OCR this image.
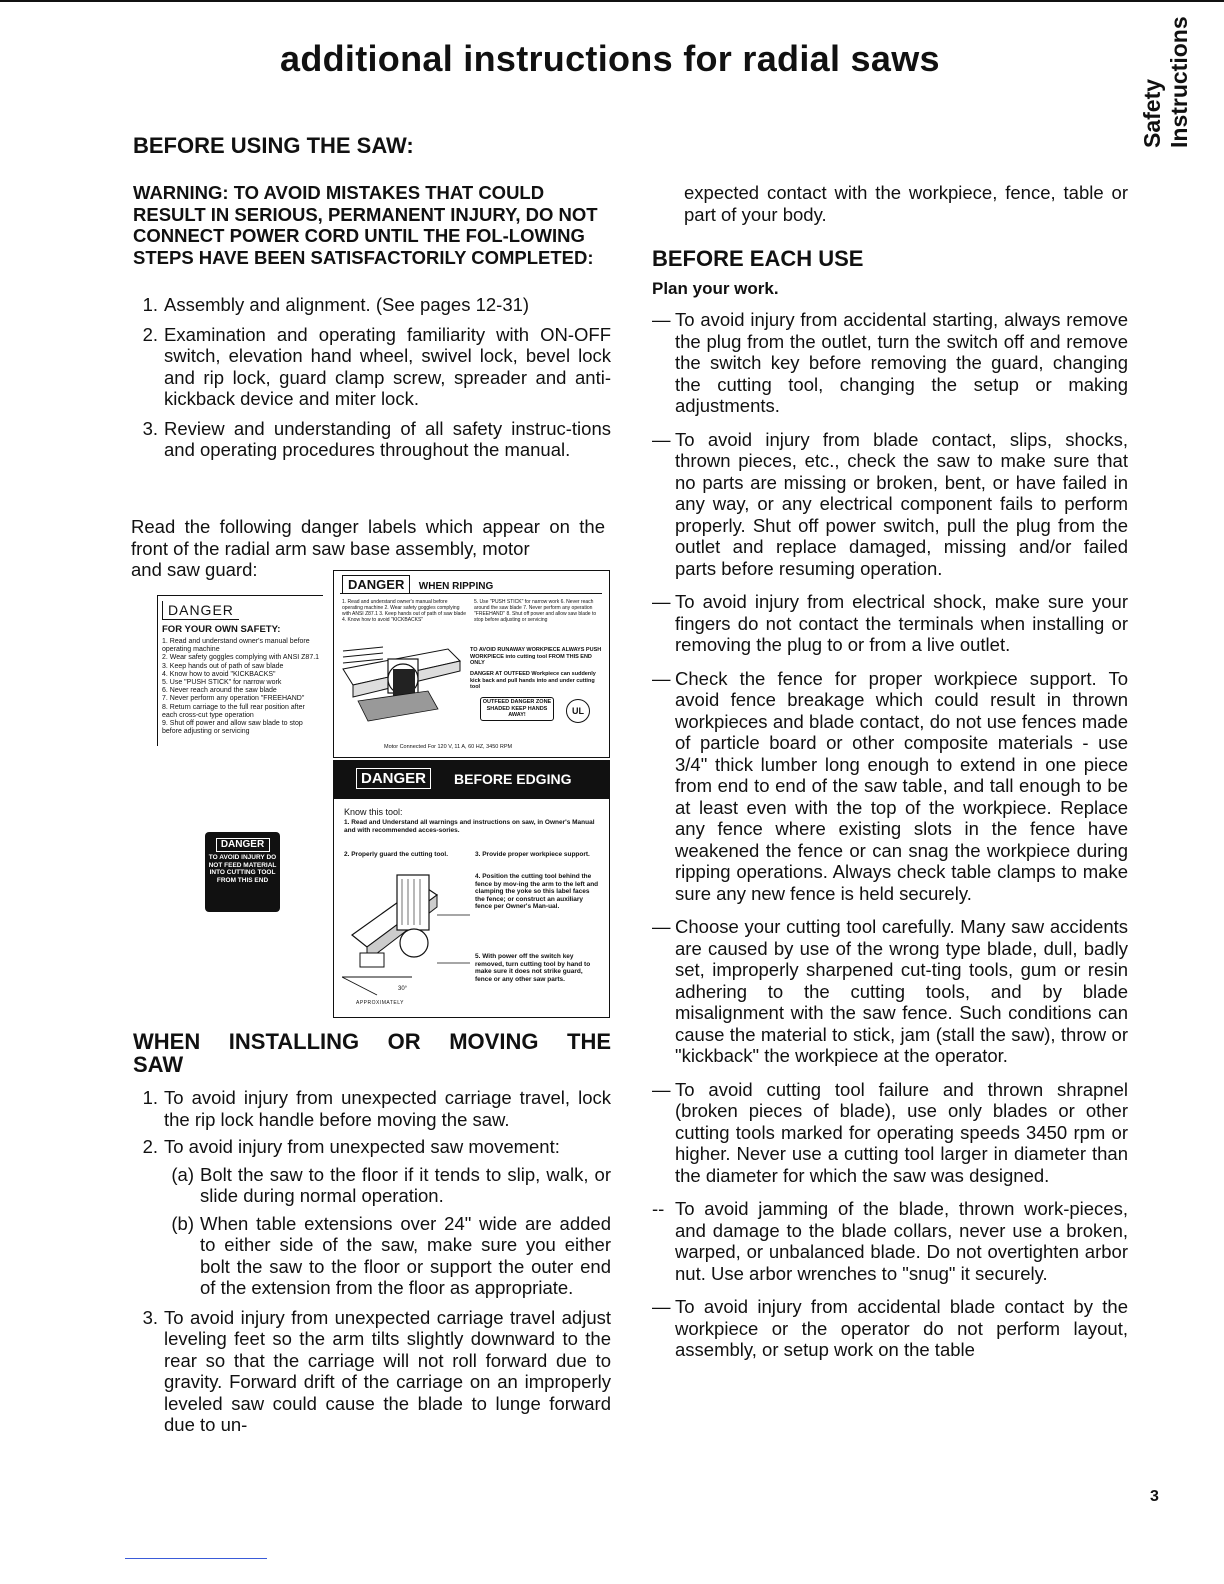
additional instructions for radial saws
Safety Instructions
BEFORE USING THE SAW:
WARNING: TO AVOID MISTAKES THAT COULD RESULT IN SERIOUS, PERMANENT INJURY, DO NOT CONNECT POWER CORD UNTIL THE FOL-LOWING STEPS HAVE BEEN SATISFACTORILY COMPLETED:
1. Assembly and alignment. (See pages 12-31)
2. Examination and operating familiarity with ON-OFF switch, elevation hand wheel, swivel lock, bevel lock and rip lock, guard clamp screw, spreader and anti-kickback device and miter lock.
3. Review and understanding of all safety instruc-tions and operating procedures throughout the manual.
Read the following danger labels which appear on the front of the radial arm saw base assembly, motor
and saw guard:
DANGER
FOR YOUR OWN SAFETY:
1. Read and understand owner's manual before operating machine
2. Wear safety goggles complying with ANSI Z87.1
3. Keep hands out of path of saw blade
4. Know how to avoid "KICKBACKS"
5. Use "PUSH STICK" for narrow work
6. Never reach around the saw blade
7. Never perform any operation "FREEHAND"
8. Return carriage to the full rear position after each cross-cut type operation
9. Shut off power and allow saw blade to stop before adjusting or servicing
DANGER WHEN RIPPING
1. Read and understand owner's manual before operating machine 2. Wear safety goggles complying with ANSI Z87.1 3. Keep hands out of path of saw blade 4. Know how to avoid "KICKBACKS"
5. Use "PUSH STICK" for narrow work 6. Never reach around the saw blade 7. Never perform any operation "FREEHAND" 8. Shut off power and allow saw blade to stop before adjusting or servicing
TO AVOID RUNAWAY WORKPIECE ALWAYS PUSH WORKPIECE into cutting tool FROM THIS END ONLY
DANGER AT OUTFEED Workpiece can suddenly kick back and pull hands into and under cutting tool
OUTFEED DANGER ZONE SHADED KEEP HANDS AWAY!	UL
Motor Connected For 120 V, 11 A, 60 HZ, 3450 RPM
DANGER
TO AVOID INJURY DO NOT FEED MATERIAL INTO CUTTING TOOL FROM THIS END
DANGER	BEFORE EDGING
Know this tool:
1. Read and Understand all warnings and instructions on saw, in Owner's Manual and with recommended acces-sories.
2. Properly guard the cutting tool.	3. Provide proper workpiece support.
4. Position the cutting tool behind the fence by mov-ing the arm to the left and clamping the yoke so this label faces the fence; or construct an auxiliary fence per Owner's Man-ual.
5. With power off the switch key removed, turn cutting tool by hand to make sure it does not strike guard, fence or any other saw parts.
30°
APPROXIMATELY
WHEN INSTALLING OR MOVING THE
SAW
1. To avoid injury from unexpected carriage travel, lock the rip lock handle before moving the saw.
2. To avoid injury from unexpected saw movement:
(a) Bolt the saw to the floor if it tends to slip, walk, or slide during normal operation.
(b) When table extensions over 24" wide are added to either side of the saw, make sure you either bolt the saw to the floor or support the outer end of the extension from the floor as appropriate.
3. To avoid injury from unexpected carriage travel adjust leveling feet so the arm tilts slightly downward to the rear so that the carriage will not roll forward due to gravity. Forward drift of the carriage on an improperly leveled saw could cause the blade to lunge forward due to un-
expected contact with the workpiece, fence, table or part of your body.
BEFORE EACH USE
Plan your work.
— To avoid injury from accidental starting, always remove the plug from the outlet, turn the switch off and remove the switch key before removing the guard, changing the cutting tool, changing the setup or making adjustments.
— To avoid injury from blade contact, slips, shocks, thrown pieces, etc., check the saw to make sure that no parts are missing or broken, bent, or have failed in any way, or any electrical component fails to perform properly. Shut off power switch, pull the plug from the outlet and replace damaged, missing and/or failed parts before resuming operation.
— To avoid injury from electrical shock, make sure your fingers do not contact the terminals when installing or removing the plug to or from a live outlet.
— Check the fence for proper workpiece support. To avoid fence breakage which could result in thrown workpieces and blade contact, do not use fences made of particle board or other composite materials - use 3/4" thick lumber long enough to extend in one piece from end to end of the saw table, and tall enough to be at least even with the top of the workpiece. Replace any fence where existing slots in the fence have weakened the fence or can snag the workpiece during ripping operations. Always check table clamps to make sure any new fence is held securely.
— Choose your cutting tool carefully. Many saw accidents are caused by use of the wrong type blade, dull, badly set, improperly sharpened cut-ting tools, gum or resin adhering to the cutting tools, and by blade misalignment with the saw fence. Such conditions can cause the material to stick, jam (stall the saw), throw or "kickback" the workpiece at the operator.
— To avoid cutting tool failure and thrown shrapnel (broken pieces of blade), use only blades or other cutting tools marked for operating speeds 3450 rpm or higher. Never use a cutting tool larger in diameter than the diameter for which the saw was designed.
-- To avoid jamming of the blade, thrown work-pieces, and damage to the blade collars, never use a broken, warped, or unbalanced blade. Do not overtighten arbor nut. Use arbor wrenches to "snug" it securely.
— To avoid injury from accidental blade contact by the workpiece or the operator do not perform layout, assembly, or setup work on the table
3
